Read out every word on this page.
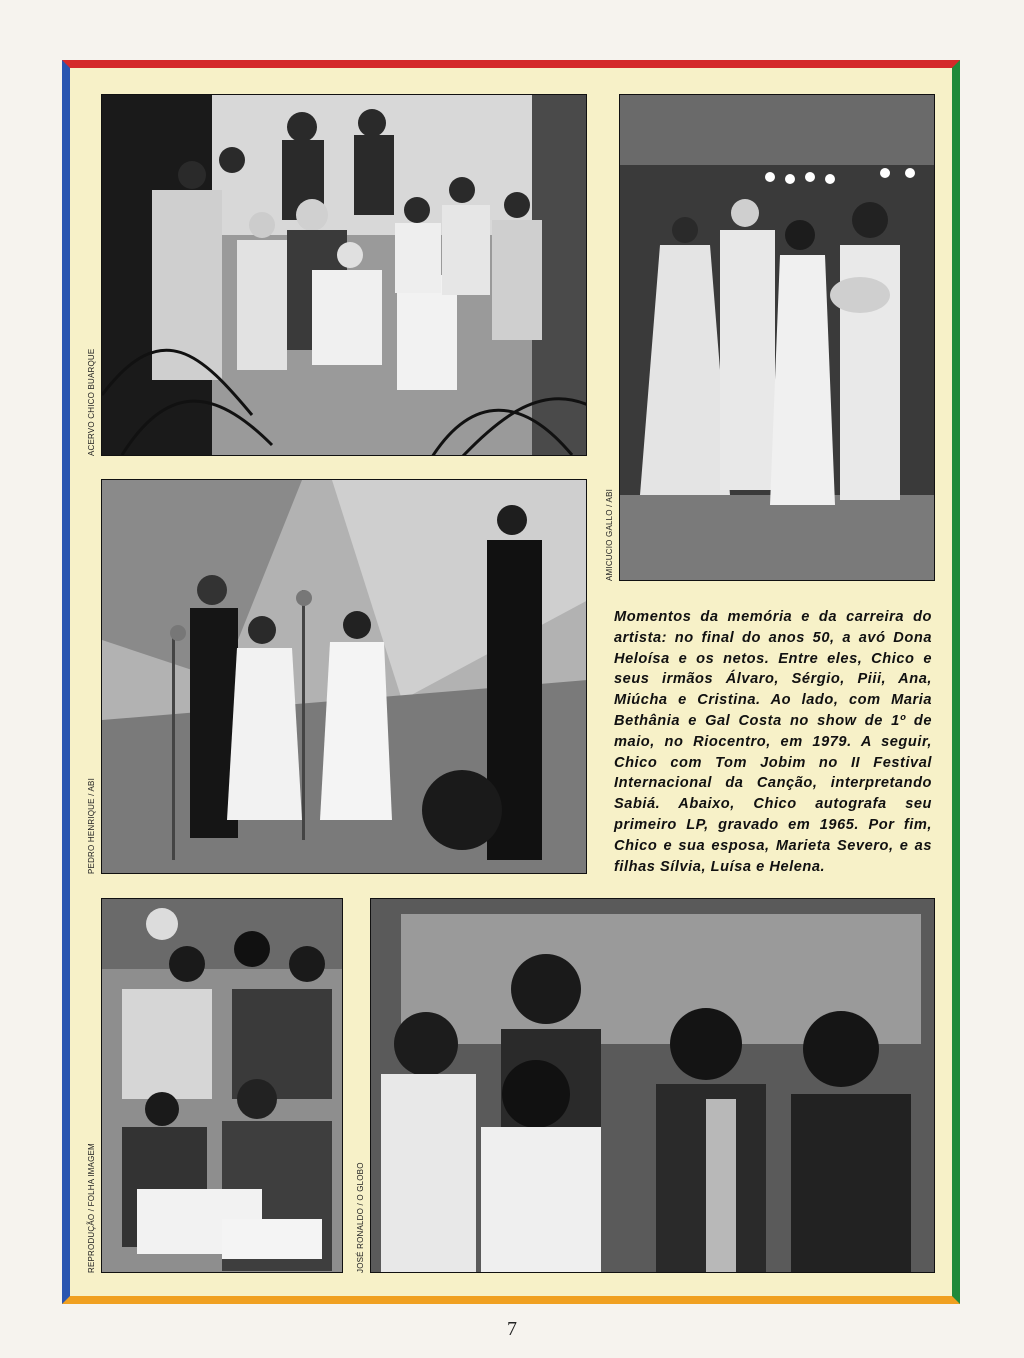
ACERVO CHICO BUARQUE
AMICUCIO GALLO / ABI
PEDRO HENRIQUE / ABI
REPRODUÇÃO / FOLHA IMAGEM	JOSÉ RONALDO / O GLOBO
Momentos da memória e da carreira do artista: no final do anos 50, a avó Dona Heloísa e os netos. Entre eles, Chico e seus irmãos Álvaro, Sérgio, Piii, Ana, Miúcha e Cristina. Ao lado, com Maria Bethânia e Gal Costa no show de 1º de maio, no Riocentro, em 1979. A seguir, Chico com Tom Jobim no II Festival Internacional da Canção, interpretando Sabiá. Abaixo, Chico autografa seu primeiro LP, gravado em 1965. Por fim, Chico e sua esposa, Marieta Severo, e as filhas Sílvia, Luísa e Helena.
7
